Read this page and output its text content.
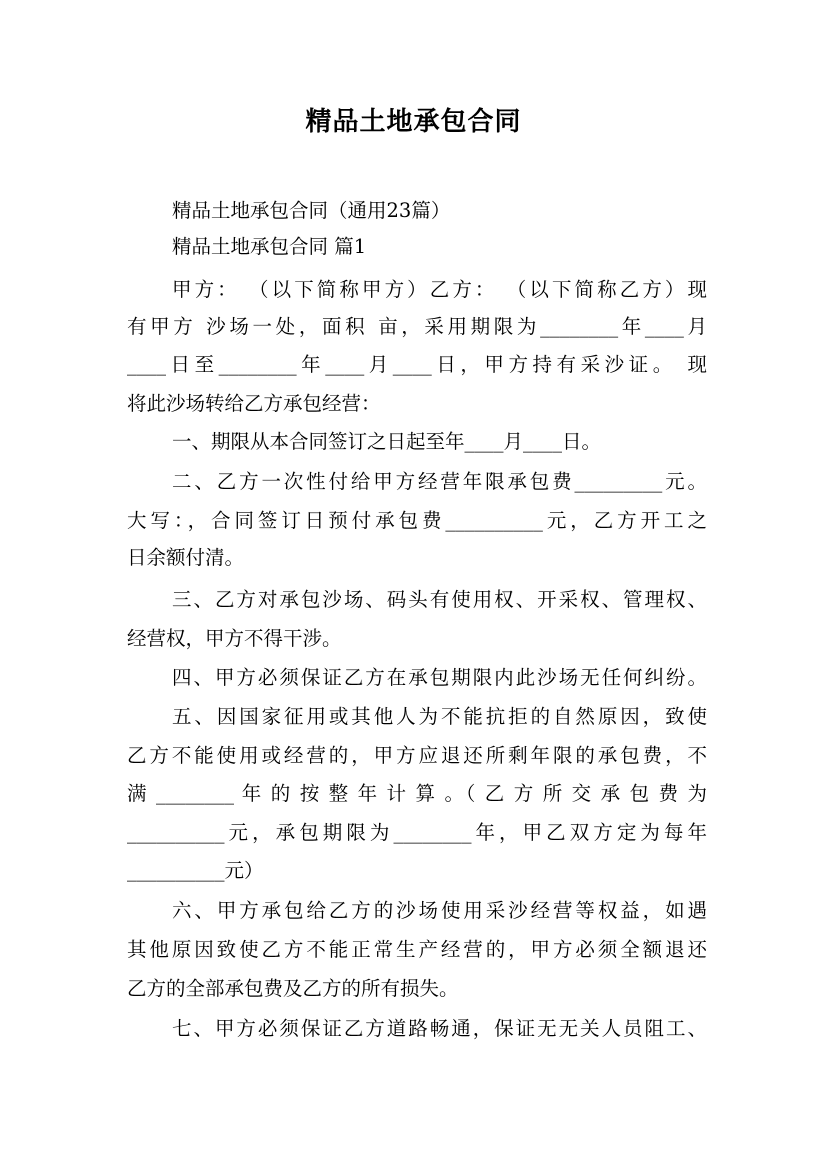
精品土地承包合同
精品土地承包合同（通用23篇）
精品土地承包合同 篇1
甲方： （以下简称甲方）乙方： （以下简称乙方）现
有甲方 沙场一处，面积 亩，采用期限为________年____月
____日至________年____月____日，甲方持有采沙证。 现
将此沙场转给乙方承包经营：
一、期限从本合同签订之日起至年____月____日。
二、乙方一次性付给甲方经营年限承包费_________元。
大写：，合同签订日预付承包费__________元，乙方开工之
日余额付清。
三、乙方对承包沙场、码头有使用权、开采权、管理权、
经营权，甲方不得干涉。
四、甲方必须保证乙方在承包期限内此沙场无任何纠纷。
五、因国家征用或其他人为不能抗拒的自然原因，致使
乙方不能使用或经营的，甲方应退还所剩年限的承包费，不
满 ________ 年 的 按 整 年 计 算 。（ 乙 方 所 交 承 包 费 为
__________元，承包期限为________年，甲乙双方定为每年
__________元）
六、甲方承包给乙方的沙场使用采沙经营等权益，如遇
其他原因致使乙方不能正常生产经营的，甲方必须全额退还
乙方的全部承包费及乙方的所有损失。
七、甲方必须保证乙方道路畅通，保证无无关人员阻工、
